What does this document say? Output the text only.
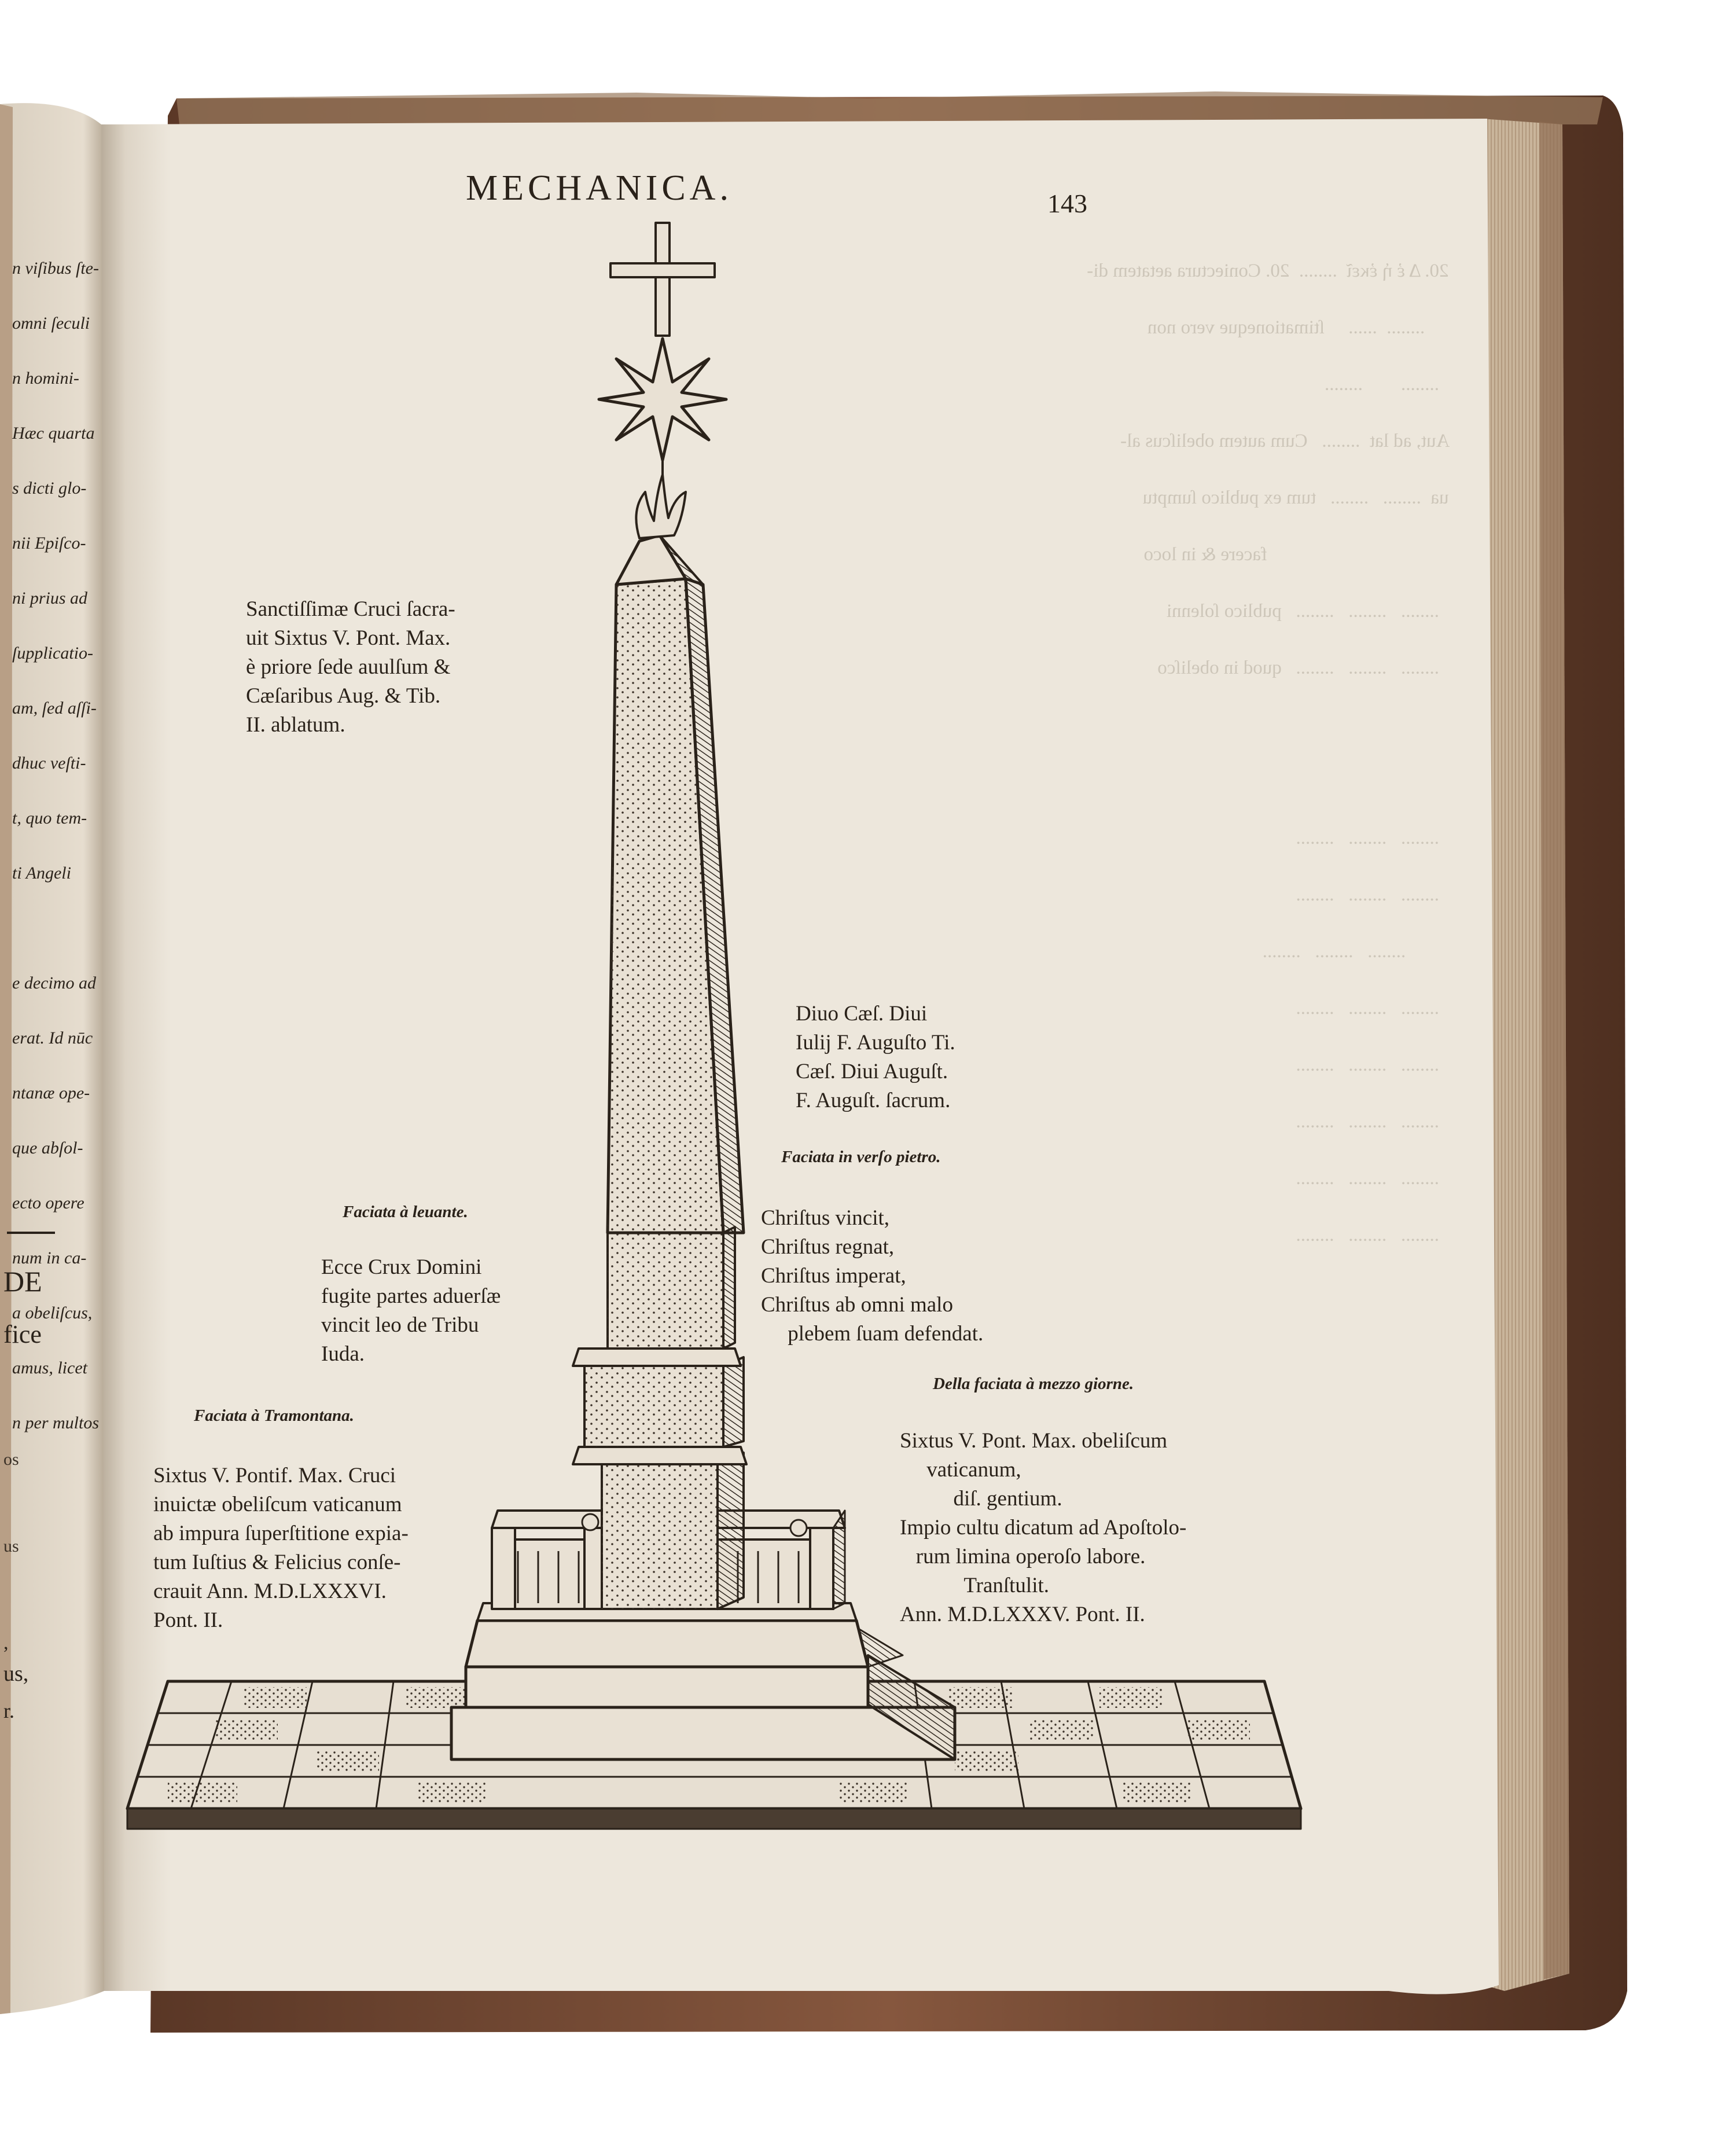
MECHANICA.	143

20. Δ ἐ ἡ ἐκεῖ  ........  20. Coniectura aetatem di-

........  ......     ſtimationeque vero non

........        ........

Aut, ad lat  ........   Cum autem obeliſcus al-

ua  ........   ........   tum ex publico ſumptu

facere & in loco

........   ........   ........   publico ſolenni

........   ........   ........   quod in obeliſco

........   ........   ........

........   ........   ........

........   ........   ........

........   ........   ........

........   ........   ........

........   ........   ........

........   ........   ........

........   ........   ........

n viſibus ſte-

omni ſeculi

n homini-

Hæc quarta

s dicti glo-

nii Epiſco-

ni prius ad

ſupplicatio-

am, ſed aſſi-

dhuc veſti-

t, quo tem-

ti Angeli

e decimo ad

erat. Id nūc

ntanæ ope-

que abſol-

ecto opere

num in ca-

a obeliſcus,

amus, licet

n per multos

DE
fice
os
us
,
us,
r.
Sanctiſſimæ Cruci ſacra-
uit Sixtus V. Pont. Max.
è priore ſede auulſum &
Cæſaribus Aug. & Tib.
II. ablatum.
Diuo Cæſ. Diui
Iulij F. Auguſto Ti.
Cæſ. Diui Auguſt.
F. Auguſt. ſacrum.
Faciata in verſo pietro.
Chriſtus vincit,
Chriſtus regnat,
Chriſtus imperat,
Chriſtus ab omni malo
plebem ſuam defendat.
Faciata à leuante.
Ecce Crux Domini
fugite partes aduerſæ
vincit leo de Tribu
Iuda.
Della faciata à mezzo giorne.
Faciata à Tramontana.
Sixtus V. Pontif. Max. Cruci
inuictæ obeliſcum vaticanum
ab impura ſuperſtitione expia-
tum Iuſtius & Felicius conſe-
crauit Ann. M.D.LXXXVI.
Pont. II.
Sixtus V. Pont. Max. obeliſcum
vaticanum,
diſ. gentium.
Impio cultu dicatum ad Apoſtolo-
rum limina operoſo labore.
Tranſtulit.
Ann. M.D.LXXXV. Pont. II.
